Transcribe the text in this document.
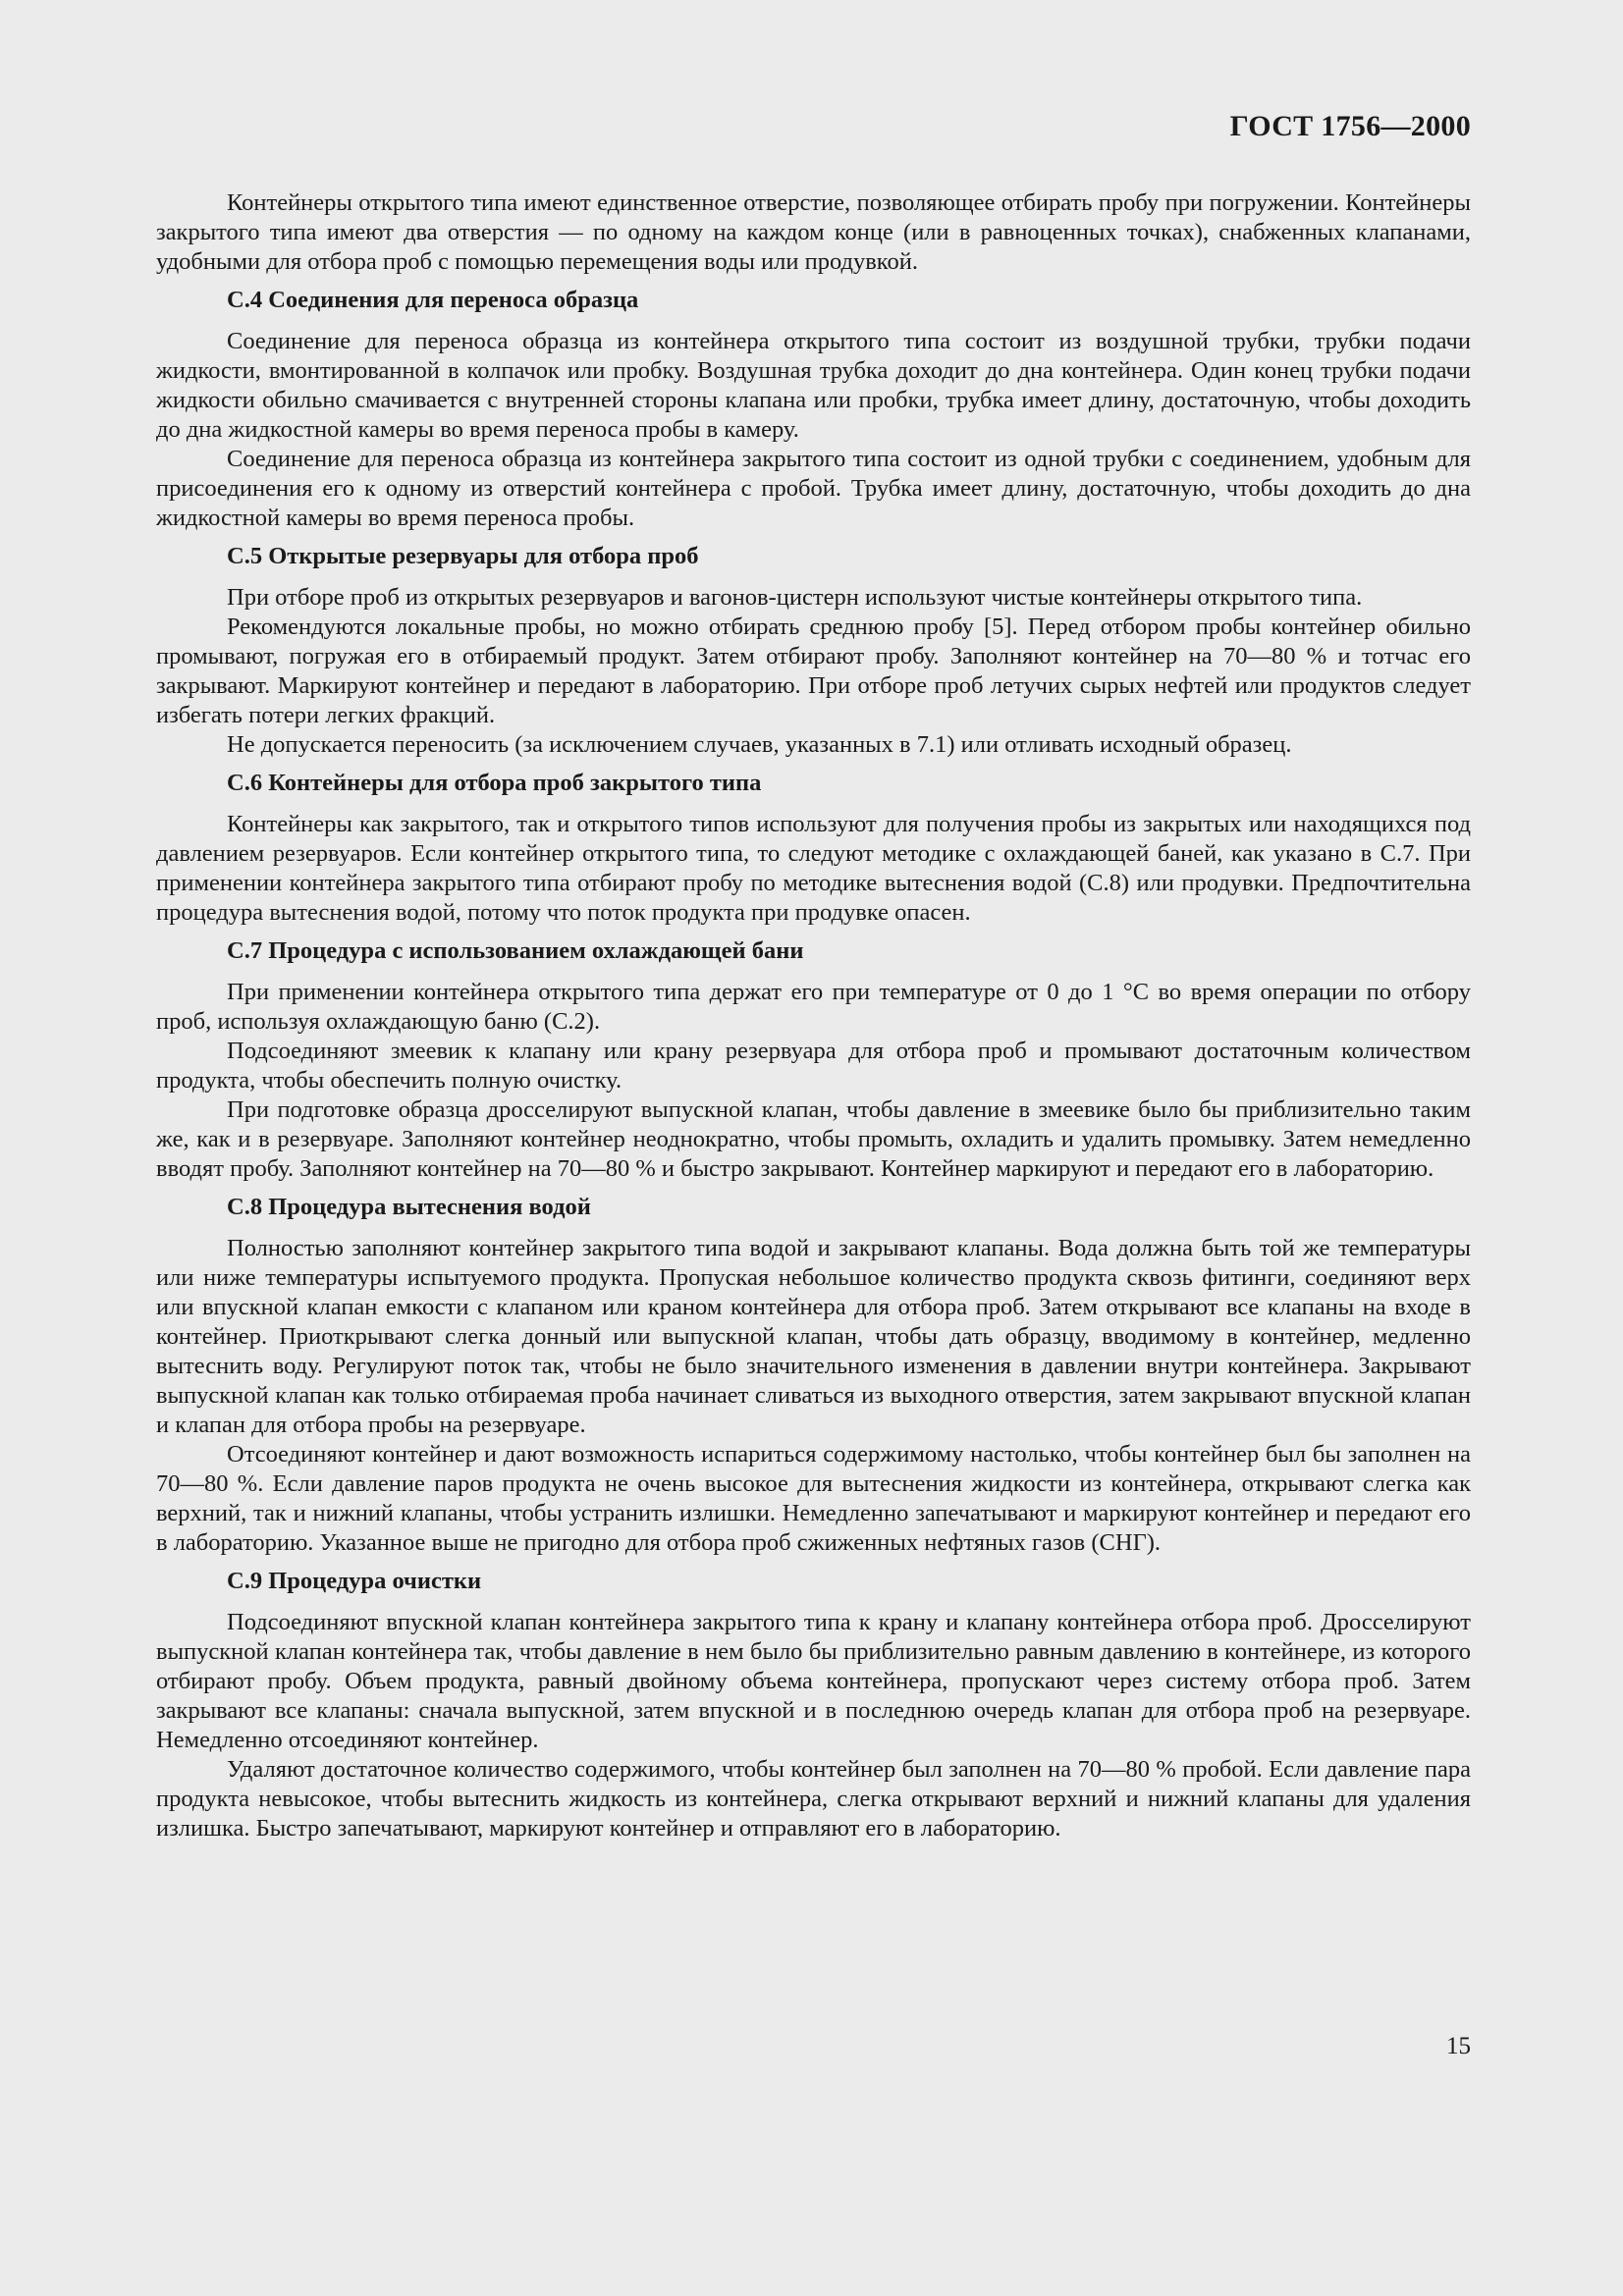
ГОСТ 1756—2000

Контейнеры открытого типа имеют единственное отверстие, позволяющее отбирать пробу при погружении. Контейнеры закрытого типа имеют два отверстия — по одному на каждом конце (или в равноценных точках), снабженных клапанами, удобными для отбора проб с помощью перемещения воды или продувкой.

С.4 Соединения для переноса образца

Соединение для переноса образца из контейнера открытого типа состоит из воздушной трубки, трубки подачи жидкости, вмонтированной в колпачок или пробку. Воздушная трубка доходит до дна контейнера. Один конец трубки подачи жидкости обильно смачивается с внутренней стороны клапана или пробки, трубка имеет длину, достаточную, чтобы доходить до дна жидкостной камеры во время переноса пробы в камеру.

Соединение для переноса образца из контейнера закрытого типа состоит из одной трубки с соединением, удобным для присоединения его к одному из отверстий контейнера с пробой. Трубка имеет длину, достаточную, чтобы доходить до дна жидкостной камеры во время переноса пробы.

С.5 Открытые резервуары для отбора проб

При отборе проб из открытых резервуаров и вагонов-цистерн используют чистые контейнеры открытого типа.

Рекомендуются локальные пробы, но можно отбирать среднюю пробу [5]. Перед отбором пробы контейнер обильно промывают, погружая его в отбираемый продукт. Затем отбирают пробу. Заполняют контейнер на 70—80 % и тотчас его закрывают. Маркируют контейнер и передают в лабораторию. При отборе проб летучих сырых нефтей или продуктов следует избегать потери легких фракций.

Не допускается переносить (за исключением случаев, указанных в 7.1) или отливать исходный образец.

С.6 Контейнеры для отбора проб закрытого типа

Контейнеры как закрытого, так и открытого типов используют для получения пробы из закрытых или находящихся под давлением резервуаров. Если контейнер открытого типа, то следуют методике с охлаждающей баней, как указано в С.7. При применении контейнера закрытого типа отбирают пробу по методике вытеснения водой (С.8) или продувки. Предпочтительна процедура вытеснения водой, потому что поток продукта при продувке опасен.

С.7 Процедура с использованием охлаждающей бани

При применении контейнера открытого типа держат его при температуре от 0 до 1 °С во время операции по отбору проб, используя охлаждающую баню (С.2).

Подсоединяют змеевик к клапану или крану резервуара для отбора проб и промывают достаточным количеством продукта, чтобы обеспечить полную очистку.

При подготовке образца дросселируют выпускной клапан, чтобы давление в змеевике было бы приблизительно таким же, как и в резервуаре. Заполняют контейнер неоднократно, чтобы промыть, охладить и удалить промывку. Затем немедленно вводят пробу. Заполняют контейнер на 70—80 % и быстро закрывают. Контейнер маркируют и передают его в лабораторию.

С.8 Процедура вытеснения водой

Полностью заполняют контейнер закрытого типа водой и закрывают клапаны. Вода должна быть той же температуры или ниже температуры испытуемого продукта. Пропуская небольшое количество продукта сквозь фитинги, соединяют верх или впускной клапан емкости с клапаном или краном контейнера для отбора проб. Затем открывают все клапаны на входе в контейнер. Приоткрывают слегка донный или выпускной клапан, чтобы дать образцу, вводимому в контейнер, медленно вытеснить воду. Регулируют поток так, чтобы не было значительного изменения в давлении внутри контейнера. Закрывают выпускной клапан как только отбираемая проба начинает сливаться из выходного отверстия, затем закрывают впускной клапан и клапан для отбора пробы на резервуаре.

Отсоединяют контейнер и дают возможность испариться содержимому настолько, чтобы контейнер был бы заполнен на 70—80 %. Если давление паров продукта не очень высокое для вытеснения жидкости из контейнера, открывают слегка как верхний, так и нижний клапаны, чтобы устранить излишки. Немедленно запечатывают и маркируют контейнер и передают его в лабораторию. Указанное выше не пригодно для отбора проб сжиженных нефтяных газов (СНГ).

С.9 Процедура очистки

Подсоединяют впускной клапан контейнера закрытого типа к крану и клапану контейнера отбора проб. Дросселируют выпускной клапан контейнера так, чтобы давление в нем было бы приблизительно равным давлению в контейнере, из которого отбирают пробу. Объем продукта, равный двойному объема контейнера, пропускают через систему отбора проб. Затем закрывают все клапаны: сначала выпускной, затем впускной и в последнюю очередь клапан для отбора проб на резервуаре. Немедленно отсоединяют контейнер.

Удаляют достаточное количество содержимого, чтобы контейнер был заполнен на 70—80 % пробой. Если давление пара продукта невысокое, чтобы вытеснить жидкость из контейнера, слегка открывают верхний и нижний клапаны для удаления излишка. Быстро запечатывают, маркируют контейнер и отправляют его в лабораторию.

15
